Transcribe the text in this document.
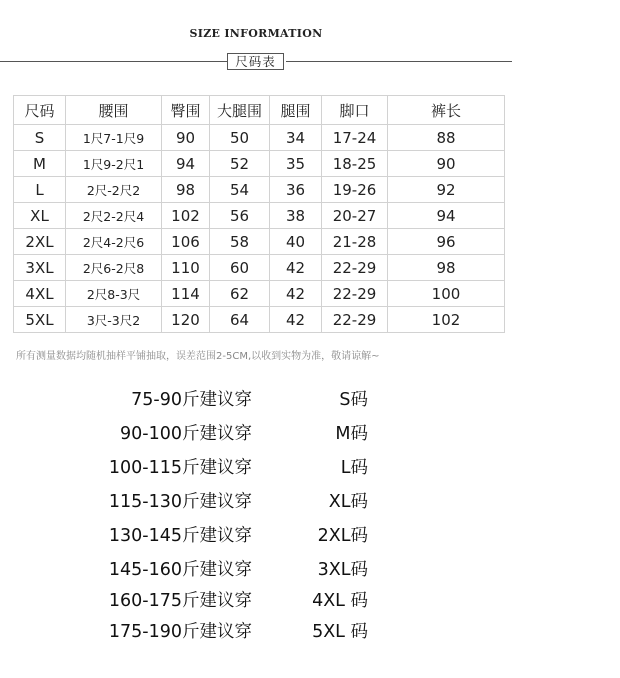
SIZE INFORMATION
尺码表
尺码	腰围	臀围	大腿围	腿围	脚口	裤长
S	1尺7-1尺9	90	50	34	17-24	88
M	1尺9-2尺1	94	52	35	18-25	90
L	2尺-2尺2	98	54	36	19-26	92
XL	2尺2-2尺4	102	56	38	20-27	94
2XL	2尺4-2尺6	106	58	40	21-28	96
3XL	2尺6-2尺8	110	60	42	22-29	98
4XL	2尺8-3尺	114	62	42	22-29	100
5XL	3尺-3尺2	120	64	42	22-29	102
所有测量数据均随机抽样平铺抽取，误差范围2-5CM,以收到实物为准，敬请谅解~
75-90斤建议穿	S码
90-100斤建议穿	M码
100-115斤建议穿	L码
115-130斤建议穿	XL码
130-145斤建议穿	2XL码
145-160斤建议穿	3XL码
160-175斤建议穿	4XL 码
175-190斤建议穿	5XL 码
